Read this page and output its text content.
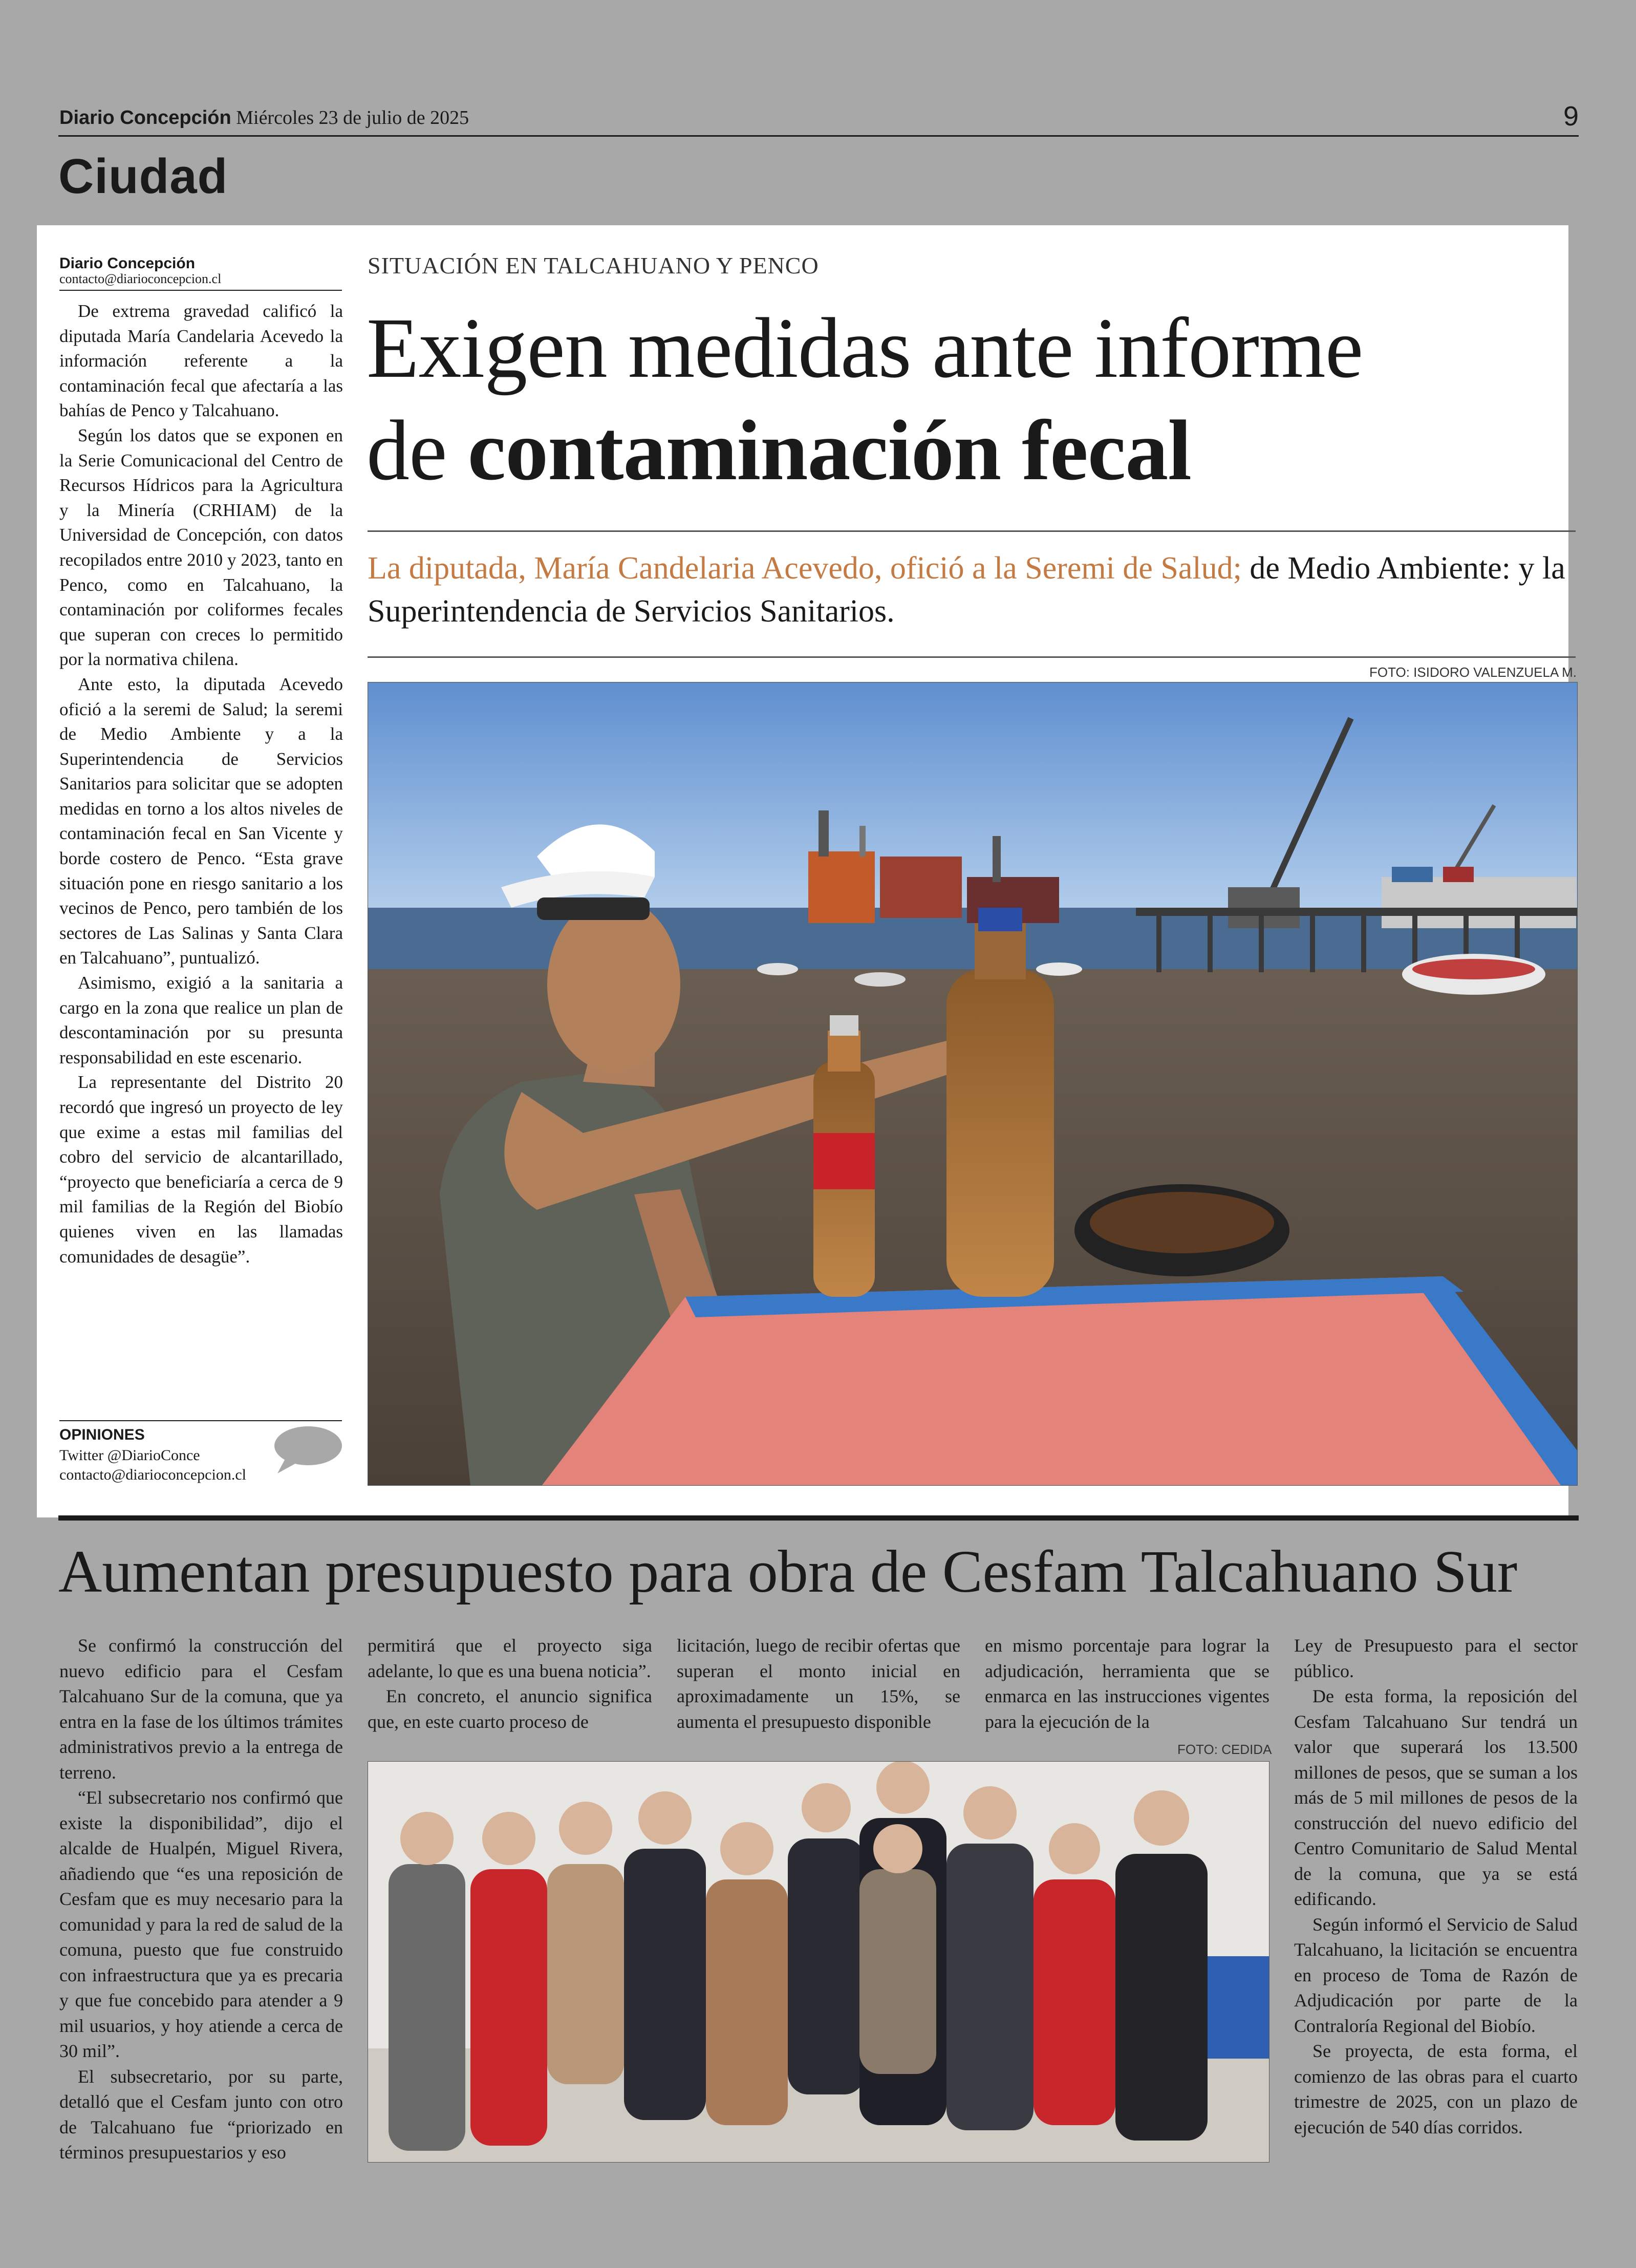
Diario Concepción Miércoles 23 de julio de 2025	9
Ciudad
Diario Concepción
contacto@diarioconcepcion.cl

De extrema gravedad calificó la diputada María Candelaria Acevedo la información referente a la contaminación fecal que afectaría a las bahías de Penco y Talcahuano.

Según los datos que se exponen en la Serie Comunicacional del Centro de Recursos Hídricos para la Agricultura y la Minería (CRHIAM) de la Universidad de Concepción, con datos recopilados entre 2010 y 2023, tanto en Penco, como en Talcahuano, la contaminación por coliformes fecales que superan con creces lo permitido por la normativa chilena.

Ante esto, la diputada Acevedo ofició a la seremi de Salud; la seremi de Medio Ambiente y a la Superintendencia de Servicios Sanitarios para solicitar que se adopten medidas en torno a los altos niveles de contaminación fecal en San Vicente y borde costero de Penco. “Esta grave situación pone en riesgo sanitario a los vecinos de Penco, pero también de los sectores de Las Salinas y Santa Clara en Talcahuano”, puntualizó.

Asimismo, exigió a la sanitaria a cargo en la zona que realice un plan de descontaminación por su presunta responsabilidad en este escenario.

La representante del Distrito 20 recordó que ingresó un proyecto de ley que exime a estas mil familias del cobro del servicio de alcantarillado, “proyecto que beneficiaría a cerca de 9 mil familias de la Región del Biobío quienes viven en las llamadas comunidades de desagüe”.

OPINIONES
Twitter @DiarioConce
contacto@diarioconcepcion.cl
SITUACIÓN EN TALCAHUANO Y PENCO
Exigen medidas ante informe
de contaminación fecal
La diputada, María Candelaria Acevedo, ofició a la Seremi de Salud; de Medio Ambiente: y la Superintendencia de Servicios Sanitarios.
FOTO: ISIDORO VALENZUELA M.
Aumentan presupuesto para obra de Cesfam Talcahuano Sur

Se confirmó la construcción del nuevo edificio para el Cesfam Talcahuano Sur de la comuna, que ya entra en la fase de los últimos trámites administrativos previo a la entrega de terreno.

“El subsecretario nos confirmó que existe la disponibilidad”, dijo el alcalde de Hualpén, Miguel Rivera, añadiendo que “es una reposición de Cesfam que es muy necesario para la comunidad y para la red de salud de la comuna, puesto que fue construido con infraestructura que ya es precaria y que fue concebido para atender a 9 mil usuarios, y hoy atiende a cerca de 30 mil”.

El subsecretario, por su parte, detalló que el Cesfam junto con otro de Talcahuano fue “priorizado en términos presupuestarios y eso

permitirá que el proyecto siga adelante, lo que es una buena noticia”.

En concreto, el anuncio significa que, en este cuarto proceso de

licitación, luego de recibir ofertas que superan el monto inicial en aproximadamente un 15%, se aumenta el presupuesto disponible

en mismo porcentaje para lograr la adjudicación, herramienta que se enmarca en las instrucciones vigentes para la ejecución de la

Ley de Presupuesto para el sector público.

De esta forma, la reposición del Cesfam Talcahuano Sur tendrá un valor que superará los 13.500 millones de pesos, que se suman a los más de 5 mil millones de pesos de la construcción del nuevo edificio del Centro Comunitario de Salud Mental de la comuna, que ya se está edificando.

Según informó el Servicio de Salud Talcahuano, la licitación se encuentra en proceso de Toma de Razón de Adjudicación por parte de la Contraloría Regional del Biobío.

Se proyecta, de esta forma, el comienzo de las obras para el cuarto trimestre de 2025, con un plazo de ejecución de 540 días corridos.

FOTO: CEDIDA
